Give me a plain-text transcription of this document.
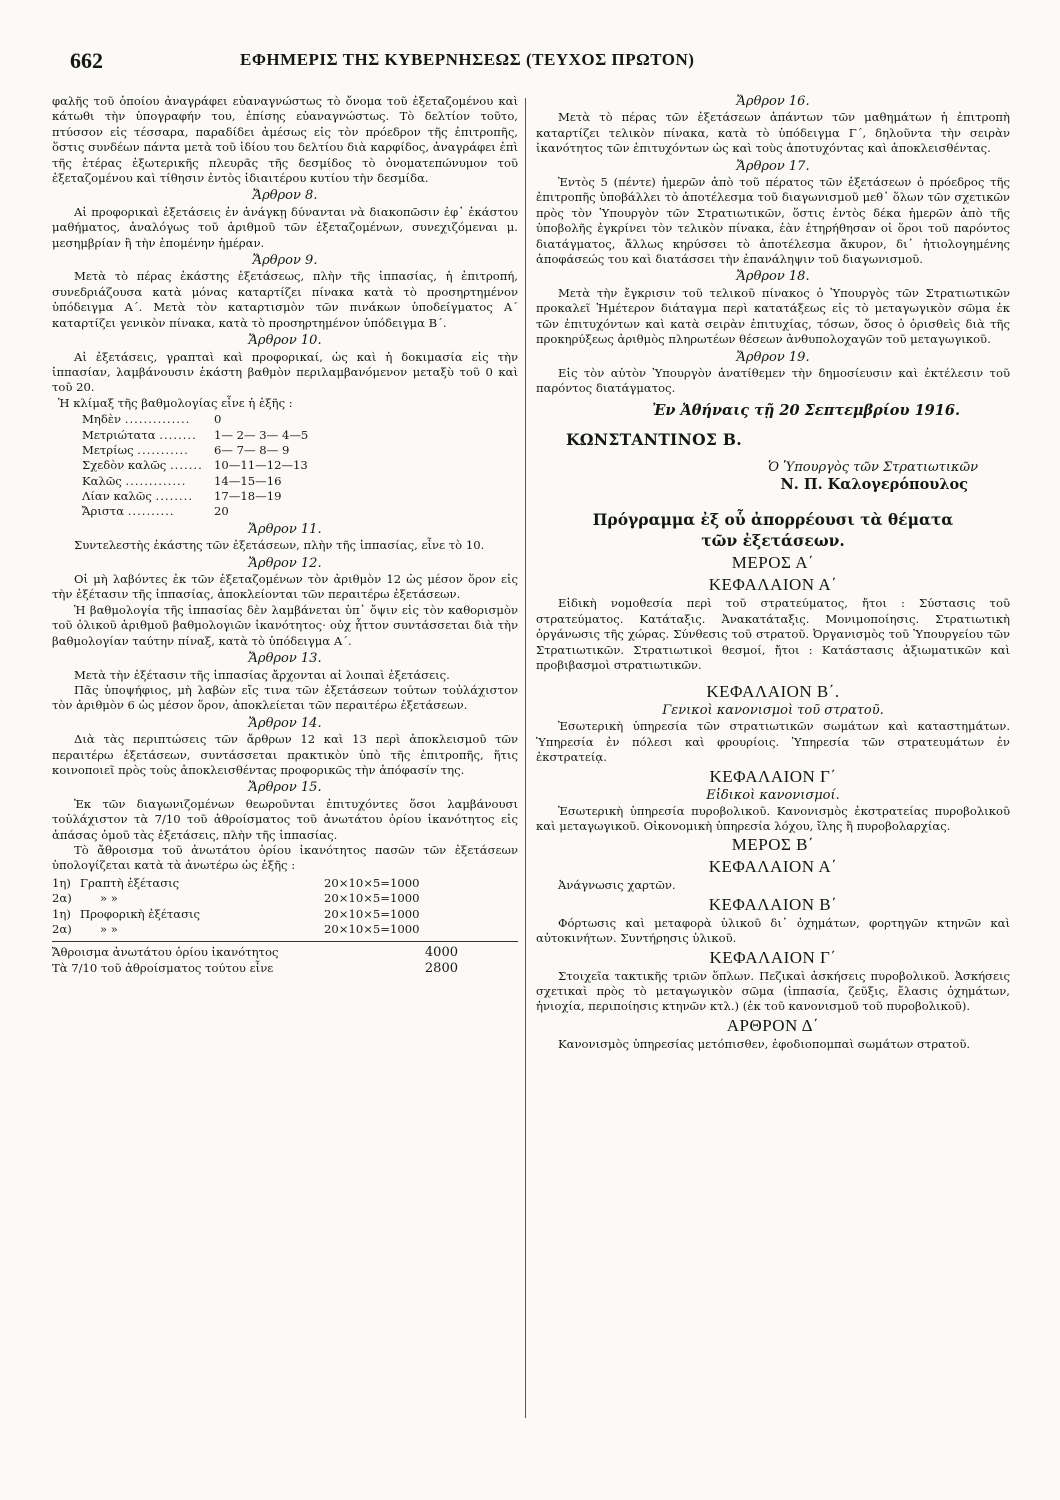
662	ΕΦΗΜΕΡΙΣ ΤΗΣ ΚΥΒΕΡΝΗΣΕΩΣ (ΤΕΥΧΟΣ ΠΡΩΤΟΝ)

φαλῆς τοῦ ὁποίου ἀναγράφει εὐαναγνώστως τὸ ὄνομα τοῦ ἐξεταζομένου καὶ κάτωθι τὴν ὑπογραφήν του, ἐπίσης εὐαναγνώστως. Τὸ δελτίον τοῦτο, πτύσσον εἰς τέσσαρα, παραδίδει ἀμέσως εἰς τὸν πρόεδρον τῆς ἐπιτροπῆς, ὅστις συνδέων πάντα μετὰ τοῦ ἰδίου του δελτίου διὰ καρφίδος, ἀναγράφει ἐπὶ τῆς ἑτέρας ἐξωτερικῆς πλευρᾶς τῆς δεσμίδος τὸ ὀνοματεπώνυμον τοῦ ἐξεταζομένου καὶ τίθησιν ἐντὸς ἰδιαιτέρου κυτίου τὴν δεσμίδα.

Ἄρθρον 8.

Αἱ προφορικαὶ ἐξετάσεις ἐν ἀνάγκῃ δύνανται νὰ διακοπῶσιν ἐφ᾽ ἑκάστου μαθήματος, ἀναλόγως τοῦ ἀριθμοῦ τῶν ἐξεταζομένων, συνεχιζόμεναι μ. μεσημβρίαν ἢ τὴν ἐπομένην ἡμέραν.

Ἄρθρον 9.

Μετὰ τὸ πέρας ἑκάστης ἐξετάσεως, πλὴν τῆς ἱππασίας, ἡ ἐπιτροπή, συνεδριάζουσα κατὰ μόνας καταρτίζει πίνακα κατὰ τὸ προσηρτημένον ὑπόδειγμα Α΄. Μετὰ τὸν καταρτισμὸν τῶν πινάκων ὑποδείγματος Α΄ καταρτίζει γενικὸν πίνακα, κατὰ τὸ προσηρτημένον ὑπόδειγμα Β΄.

Ἄρθρον 10.

Αἱ ἐξετάσεις, γραπταὶ καὶ προφορικαί, ὡς καὶ ἡ δοκιμασία εἰς τὴν ἱππασίαν, λαμβάνουσιν ἑκάστη βαθμὸν περιλαμβανόμενον μεταξὺ τοῦ 0 καὶ τοῦ 20.

Ἡ κλίμαξ τῆς βαθμολογίας εἶνε ἡ ἑξῆς :

Μηδὲν ..............	0
Μετριώτατα ........	1— 2— 3— 4—5
Μετρίως ...........	6— 7— 8— 9
Σχεδὸν καλῶς ....... 10—11—12—13
Καλῶς .............	14—15—16
Λίαν καλῶς ........	17—18—19
Ἄριστα ..........	20
Ἄρθρον 11.

Συντελεστὴς ἑκάστης τῶν ἐξετάσεων, πλὴν τῆς ἱππασίας, εἶνε τὸ 10.

Ἄρθρον 12.

Οἱ μὴ λαβόντες ἐκ τῶν ἐξεταζομένων τὸν ἀριθμὸν 12 ὡς μέσον ὅρον εἰς τὴν ἐξέτασιν τῆς ἱππασίας, ἀποκλείονται τῶν περαιτέρω ἐξετάσεων.

Ἡ βαθμολογία τῆς ἱππασίας δὲν λαμβάνεται ὑπ᾽ ὄψιν εἰς τὸν καθορισμὸν τοῦ ὁλικοῦ ἀριθμοῦ βαθμολογιῶν ἱκανότητος· οὐχ ἧττον συντάσσεται διὰ τὴν βαθμολογίαν ταύτην πίναξ, κατὰ τὸ ὑπόδειγμα Α΄.

Ἄρθρον 13.

Μετὰ τὴν ἐξέτασιν τῆς ἱππασίας ἄρχονται αἱ λοιπαὶ ἐξετάσεις.

Πᾶς ὑποψήφιος, μὴ λαβὼν εἴς τινα τῶν ἐξετάσεων τούτων τοὐλάχιστον τὸν ἀριθμὸν 6 ὡς μέσον ὅρον, ἀποκλείεται τῶν περαιτέρω ἐξετάσεων.

Ἄρθρον 14.

Διὰ τὰς περιπτώσεις τῶν ἄρθρων 12 καὶ 13 περὶ ἀποκλεισμοῦ τῶν περαιτέρω ἐξετάσεων, συντάσσεται πρακτικὸν ὑπὸ τῆς ἐπιτροπῆς, ἥτις κοινοποιεῖ πρὸς τοὺς ἀποκλεισθέντας προφορικῶς τὴν ἀπόφασίν της.

Ἄρθρον 15.

Ἐκ τῶν διαγωνιζομένων θεωροῦνται ἐπιτυχόντες ὅσοι λαμβάνουσι τοὐλάχιστον τὰ 7/10 τοῦ ἀθροίσματος τοῦ ἀνωτάτου ὁρίου ἱκανότητος εἰς ἁπάσας ὁμοῦ τὰς ἐξετάσεις, πλὴν τῆς ἱππασίας.

Τὸ ἄθροισμα τοῦ ἀνωτάτου ὁρίου ἱκανότητος πασῶν τῶν ἐξετάσεων ὑπολογίζεται κατὰ τὰ ἀνωτέρω ὡς ἑξῆς :

1η) Γραπτὴ ἐξέτασις	20×10×5=1000
2α)	» »	20×10×5=1000
1η) Προφορικὴ ἐξέτασις	20×10×5=1000
2α)	» »	20×10×5=1000
Ἄθροισμα ἀνωτάτου ὁρίου ἱκανότητος	4000
Τὰ 7/10 τοῦ ἀθροίσματος τούτου εἶνε	2800
Ἄρθρον 16.

Μετὰ τὸ πέρας τῶν ἐξετάσεων ἁπάντων τῶν μαθημάτων ἡ ἐπιτροπὴ καταρτίζει τελικὸν πίνακα, κατὰ τὸ ὑπόδειγμα Γ΄, δηλοῦντα τὴν σειρὰν ἱκανότητος τῶν ἐπιτυχόντων ὡς καὶ τοὺς ἀποτυχόντας καὶ ἀποκλεισθέντας.

Ἄρθρον 17.

Ἐντὸς 5 (πέντε) ἡμερῶν ἀπὸ τοῦ πέρατος τῶν ἐξετάσεων ὁ πρόεδρος τῆς ἐπιτροπῆς ὑποβάλλει τὸ ἀποτέλεσμα τοῦ διαγωνισμοῦ μεθ᾽ ὅλων τῶν σχετικῶν πρὸς τὸν Ὑπουργὸν τῶν Στρατιωτικῶν, ὅστις ἐντὸς δέκα ἡμερῶν ἀπὸ τῆς ὑποβολῆς ἐγκρίνει τὸν τελικὸν πίνακα, ἐὰν ἐτηρήθησαν οἱ ὅροι τοῦ παρόντος διατάγματος, ἄλλως κηρύσσει τὸ ἀποτέλεσμα ἄκυρον, δι᾽ ἠτιολογημένης ἀποφάσεώς του καὶ διατάσσει τὴν ἐπανάληψιν τοῦ διαγωνισμοῦ.

Ἄρθρον 18.

Μετὰ τὴν ἔγκρισιν τοῦ τελικοῦ πίνακος ὁ Ὑπουργὸς τῶν Στρατιωτικῶν προκαλεῖ Ἡμέτερον διάταγμα περὶ κατατάξεως εἰς τὸ μεταγωγικὸν σῶμα ἐκ τῶν ἐπιτυχόντων καὶ κατὰ σειρὰν ἐπιτυχίας, τόσων, ὅσος ὁ ὁρισθεὶς διὰ τῆς προκηρύξεως ἀριθμὸς πληρωτέων θέσεων ἀνθυπολοχαγῶν τοῦ μεταγωγικοῦ.

Ἄρθρον 19.

Εἰς τὸν αὐτὸν Ὑπουργὸν ἀνατίθεμεν τὴν δημοσίευσιν καὶ ἐκτέλεσιν τοῦ παρόντος διατάγματος.

Ἐν Ἀθήναις τῇ 20 Σεπτεμβρίου 1916.
ΚΩΝΣΤΑΝΤΙΝΟΣ Β.
Ὁ Ὑπουργὸς τῶν Στρατιωτικῶν
Ν. Π. Καλογερόπουλος
Πρόγραμμα ἐξ οὗ ἀπορρέουσι τὰ θέματα
τῶν ἐξετάσεων.
ΜΕΡΟΣ Α΄
ΚΕΦΑΛΑΙΟΝ Α΄

Εἰδικὴ νομοθεσία περὶ τοῦ στρατεύματος, ἤτοι : Σύστασις τοῦ στρατεύματος. Κατάταξις. Ἀνακατάταξις. Μονιμοποίησις. Στρατιωτικὴ ὀργάνωσις τῆς χώρας. Σύνθεσις τοῦ στρατοῦ. Ὀργανισμὸς τοῦ Ὑπουργείου τῶν Στρατιωτικῶν. Στρατιωτικοὶ θεσμοί, ἤτοι : Κατάστασις ἀξιωματικῶν καὶ προβιβασμοὶ στρατιωτικῶν.

ΚΕΦΑΛΑΙΟΝ Β΄.
Γενικοὶ κανονισμοὶ τοῦ στρατοῦ.

Ἐσωτερικὴ ὑπηρεσία τῶν στρατιωτικῶν σωμάτων καὶ καταστημάτων. Ὑπηρεσία ἐν πόλεσι καὶ φρουρίοις. Ὑπηρεσία τῶν στρατευμάτων ἐν ἐκστρατείᾳ.

ΚΕΦΑΛΑΙΟΝ Γ΄
Εἰδικοὶ κανονισμοί.

Ἐσωτερικὴ ὑπηρεσία πυροβολικοῦ. Κανονισμὸς ἐκστρατείας πυροβολικοῦ καὶ μεταγωγικοῦ. Οἰκονομικὴ ὑπηρεσία λόχου, ἴλης ἢ πυροβολαρχίας.

ΜΕΡΟΣ Β΄
ΚΕΦΑΛΑΙΟΝ Α΄

Ἀνάγνωσις χαρτῶν.

ΚΕΦΑΛΑΙΟΝ Β΄

Φόρτωσις καὶ μεταφορὰ ὑλικοῦ δι᾽ ὀχημάτων, φορτηγῶν κτηνῶν καὶ αὐτοκινήτων. Συντήρησις ὑλικοῦ.

ΚΕΦΑΛΑΙΟΝ Γ΄

Στοιχεῖα τακτικῆς τριῶν ὅπλων. Πεζικαὶ ἀσκήσεις πυροβολικοῦ. Ἀσκήσεις σχετικαὶ πρὸς τὸ μεταγωγικὸν σῶμα (ἱππασία, ζεῦξις, ἔλασις ὀχημάτων, ἡνιοχία, περιποίησις κτηνῶν κτλ.) (ἐκ τοῦ κανονισμοῦ τοῦ πυροβολικοῦ).

ΑΡΘΡΟΝ Δ΄

Κανονισμὸς ὑπηρεσίας μετόπισθεν, ἐφοδιοπομπαὶ σωμάτων στρατοῦ.
